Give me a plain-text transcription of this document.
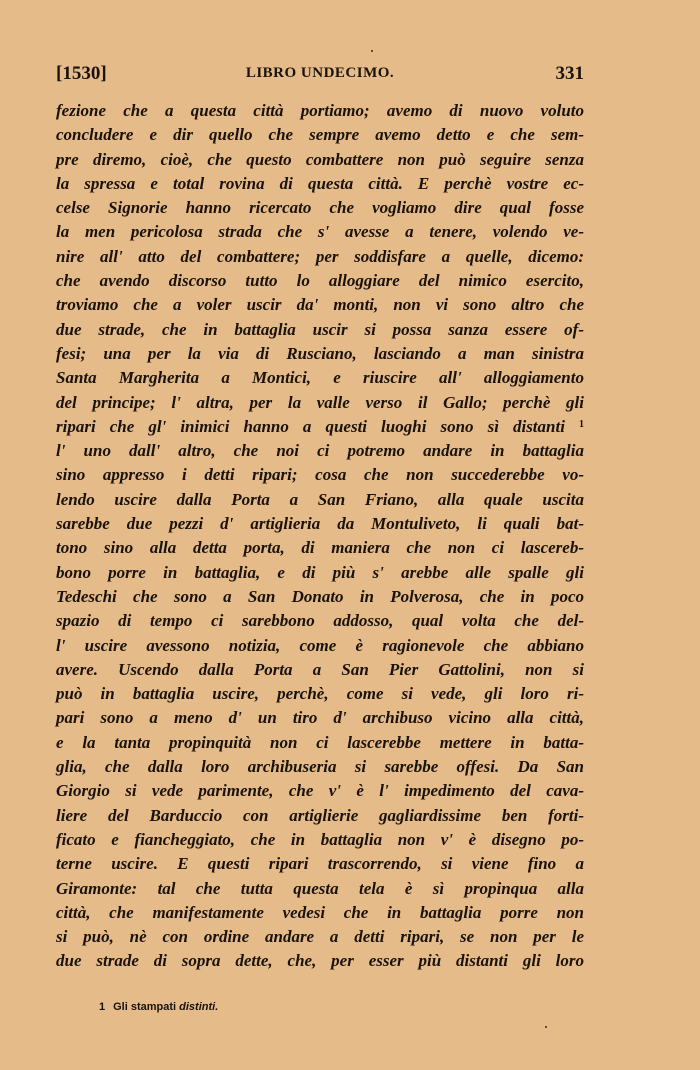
[1530]	LIBRO UNDECIMO.	331
fezione che a questa città portiamo; avemo di nuovo voluto
concludere e dir quello che sempre avemo detto e che sem-
pre diremo, cioè, che questo combattere non può seguire senza
la spressa e total rovina di questa città. E perchè vostre ec-
celse Signorie hanno ricercato che vogliamo dire qual fosse
la men pericolosa strada che s' avesse a tenere, volendo ve-
nire all' atto del combattere; per soddisfare a quelle, dicemo:
che avendo discorso tutto lo alloggiare del nimico esercito,
troviamo che a voler uscir da' monti, non vi sono altro che
due strade, che in battaglia uscir si possa sanza essere of-
fesi; una per la via di Rusciano, lasciando a man sinistra
Santa Margherita a Montici, e riuscire all' alloggiamento
del principe; l' altra, per la valle verso il Gallo; perchè gli
ripari che gl' inimici hanno a questi luoghi sono sì distanti $^1$
l' uno dall' altro, che noi ci potremo andare in battaglia
sino appresso i detti ripari; cosa che non succederebbe vo-
lendo uscire dalla Porta a San Friano, alla quale uscita
sarebbe due pezzi d' artiglieria da Montuliveto, li quali bat-
tono sino alla detta porta, di maniera che non ci lascereb-
bono porre in battaglia, e di più s' arebbe alle spalle gli
Tedeschi che sono a San Donato in Polverosa, che in poco
spazio di tempo ci sarebbono addosso, qual volta che del-
l' uscire avessono notizia, come è ragionevole che abbiano
avere. Uscendo dalla Porta a San Pier Gattolini, non si
può in battaglia uscire, perchè, come si vede, gli loro ri-
pari sono a meno d' un tiro d' archibuso vicino alla città,
e la tanta propinquità non ci lascerebbe mettere in batta-
glia, che dalla loro archibuseria si sarebbe offesi. Da San
Giorgio si vede parimente, che v' è l' impedimento del cava-
liere del Barduccio con artiglierie gagliardissime ben forti-
ficato e fiancheggiato, che in battaglia non v' è disegno po-
terne uscire. E questi ripari trascorrendo, si viene fino a
Giramonte: tal che tutta questa tela è sì propinqua alla
città, che manifestamente vedesi che in battaglia porre non
si può, nè con ordine andare a detti ripari, se non per le
due strade di sopra dette, che, per esser più distanti gli loro
1 Gli stampati distinti.
